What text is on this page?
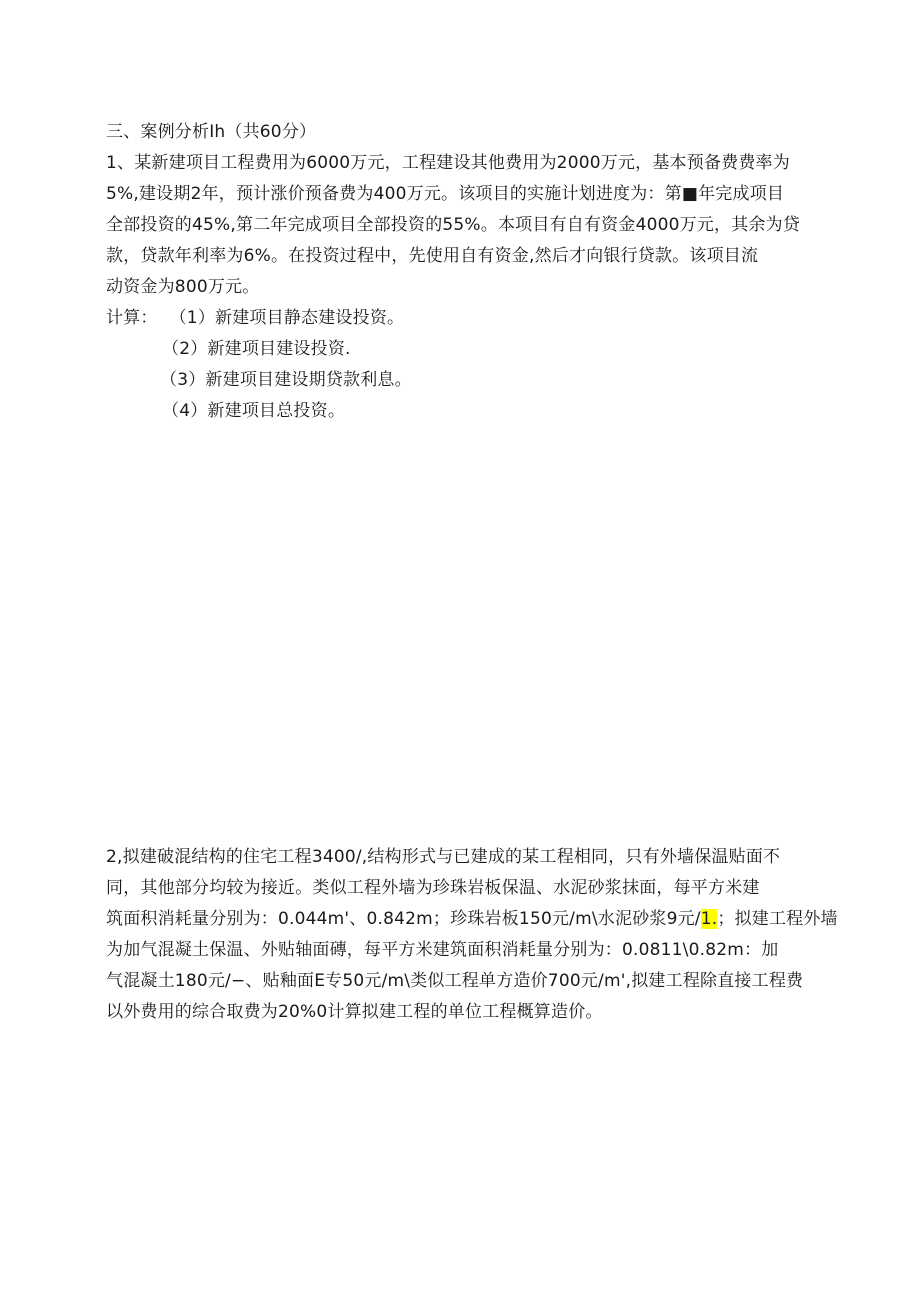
三、案例分析Ih（共60分）
1、某新建项目工程费用为6000万元，工程建设其他费用为2000万元，基本预备费费率为
5%,建设期2年，预计涨价预备费为400万元。该项目的实施计划进度为：第■年完成项目
全部投资的45%,第二年完成项目全部投资的55%。本项目有自有资金4000万元，其余为贷
款，贷款年利率为6%。在投资过程中，先使用自有资金,然后才向银行贷款。该项目流
动资金为800万元。
计算： （1）新建项目静态建设投资。
（2）新建项目建设投资.
（3）新建项目建设期贷款利息。
（4）新建项目总投资。
2,拟建破混结构的住宅工程3400/,结构形式与已建成的某工程相同，只有外墙保温贴面不
同，其他部分均较为接近。类似工程外墙为珍珠岩板保温、水泥砂浆抹面，每平方米建
筑面积消耗量分别为：0.044m'、0.842m；珍珠岩板150元/m\水泥砂浆9元/1.；拟建工程外墙
为加气混凝土保温、外贴轴面磚，每平方米建筑面积消耗量分别为：0.0811\0.82m：加
气混凝土180元/−、贴釉面E专50元/m\类似工程单方造价700元/m',拟建工程除直接工程费
以外费用的综合取费为20%0计算拟建工程的单位工程概算造价。
